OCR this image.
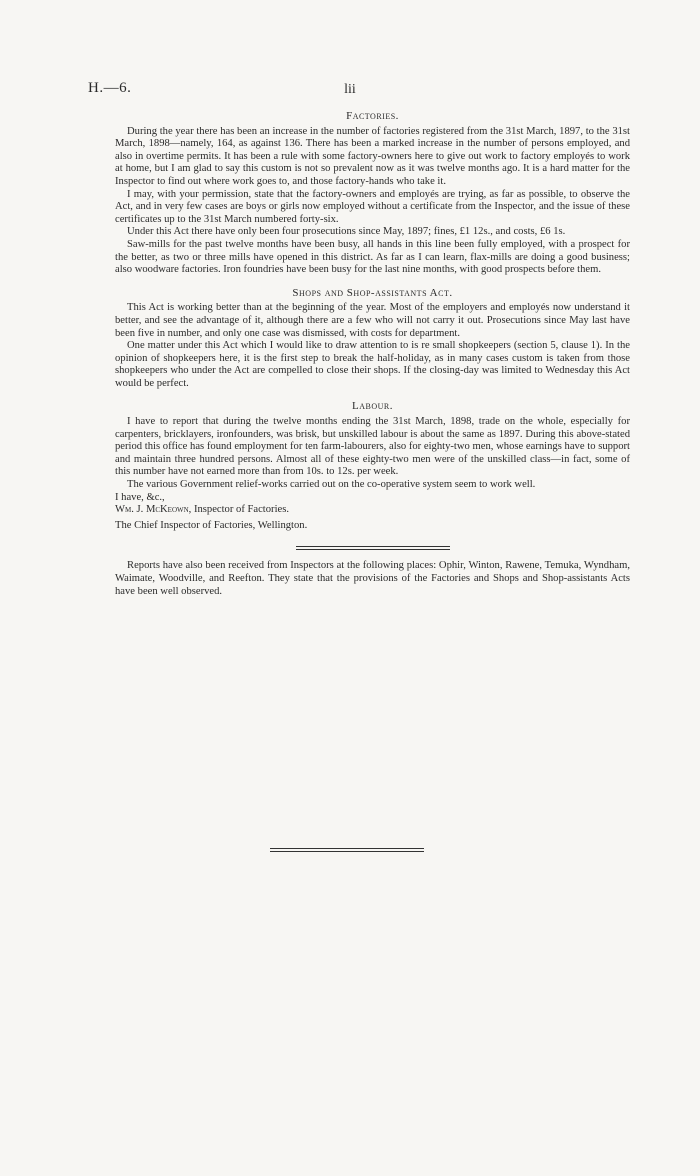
H.—6.	lii
Factories.

During the year there has been an increase in the number of factories registered from the 31st March, 1897, to the 31st March, 1898—namely, 164, as against 136. There has been a marked increase in the number of persons employed, and also in overtime permits. It has been a rule with some factory-owners here to give out work to factory employés to work at home, but I am glad to say this custom is not so prevalent now as it was twelve months ago. It is a hard matter for the Inspector to find out where work goes to, and those factory-hands who take it.

I may, with your permission, state that the factory-owners and employés are trying, as far as possible, to observe the Act, and in very few cases are boys or girls now employed without a certificate from the Inspector, and the issue of these certificates up to the 31st March numbered forty-six.

Under this Act there have only been four prosecutions since May, 1897; fines, £1 12s., and costs, £6 1s.

Saw-mills for the past twelve months have been busy, all hands in this line been fully employed, with a prospect for the better, as two or three mills have opened in this district. As far as I can learn, flax-mills are doing a good business; also woodware factories. Iron foundries have been busy for the last nine months, with good prospects before them.

Shops and Shop-assistants Act.

This Act is working better than at the beginning of the year. Most of the employers and employés now understand it better, and see the advantage of it, although there are a few who will not carry it out. Prosecutions since May last have been five in number, and only one case was dismissed, with costs for department.

One matter under this Act which I would like to draw attention to is re small shopkeepers (section 5, clause 1). In the opinion of shopkeepers here, it is the first step to break the half-holiday, as in many cases custom is taken from those shopkeepers who under the Act are compelled to close their shops. If the closing-day was limited to Wednesday this Act would be perfect.

Labour.

I have to report that during the twelve months ending the 31st March, 1898, trade on the whole, especially for carpenters, bricklayers, ironfounders, was brisk, but unskilled labour is about the same as 1897. During this above-stated period this office has found employment for ten farm-labourers, also for eighty-two men, whose earnings have to support and maintain three hundred persons. Almost all of these eighty-two men were of the unskilled class—in fact, some of this number have not earned more than from 10s. to 12s. per week.

The various Government relief-works carried out on the co-operative system seem to work well.

I have, &c.,

Wm. J. McKeown, Inspector of Factories.

The Chief Inspector of Factories, Wellington.

Reports have also been received from Inspectors at the following places: Ophir, Winton, Rawene, Temuka, Wyndham, Waimate, Woodville, and Reefton. They state that the provisions of the Factories and Shops and Shop-assistants Acts have been well observed.
